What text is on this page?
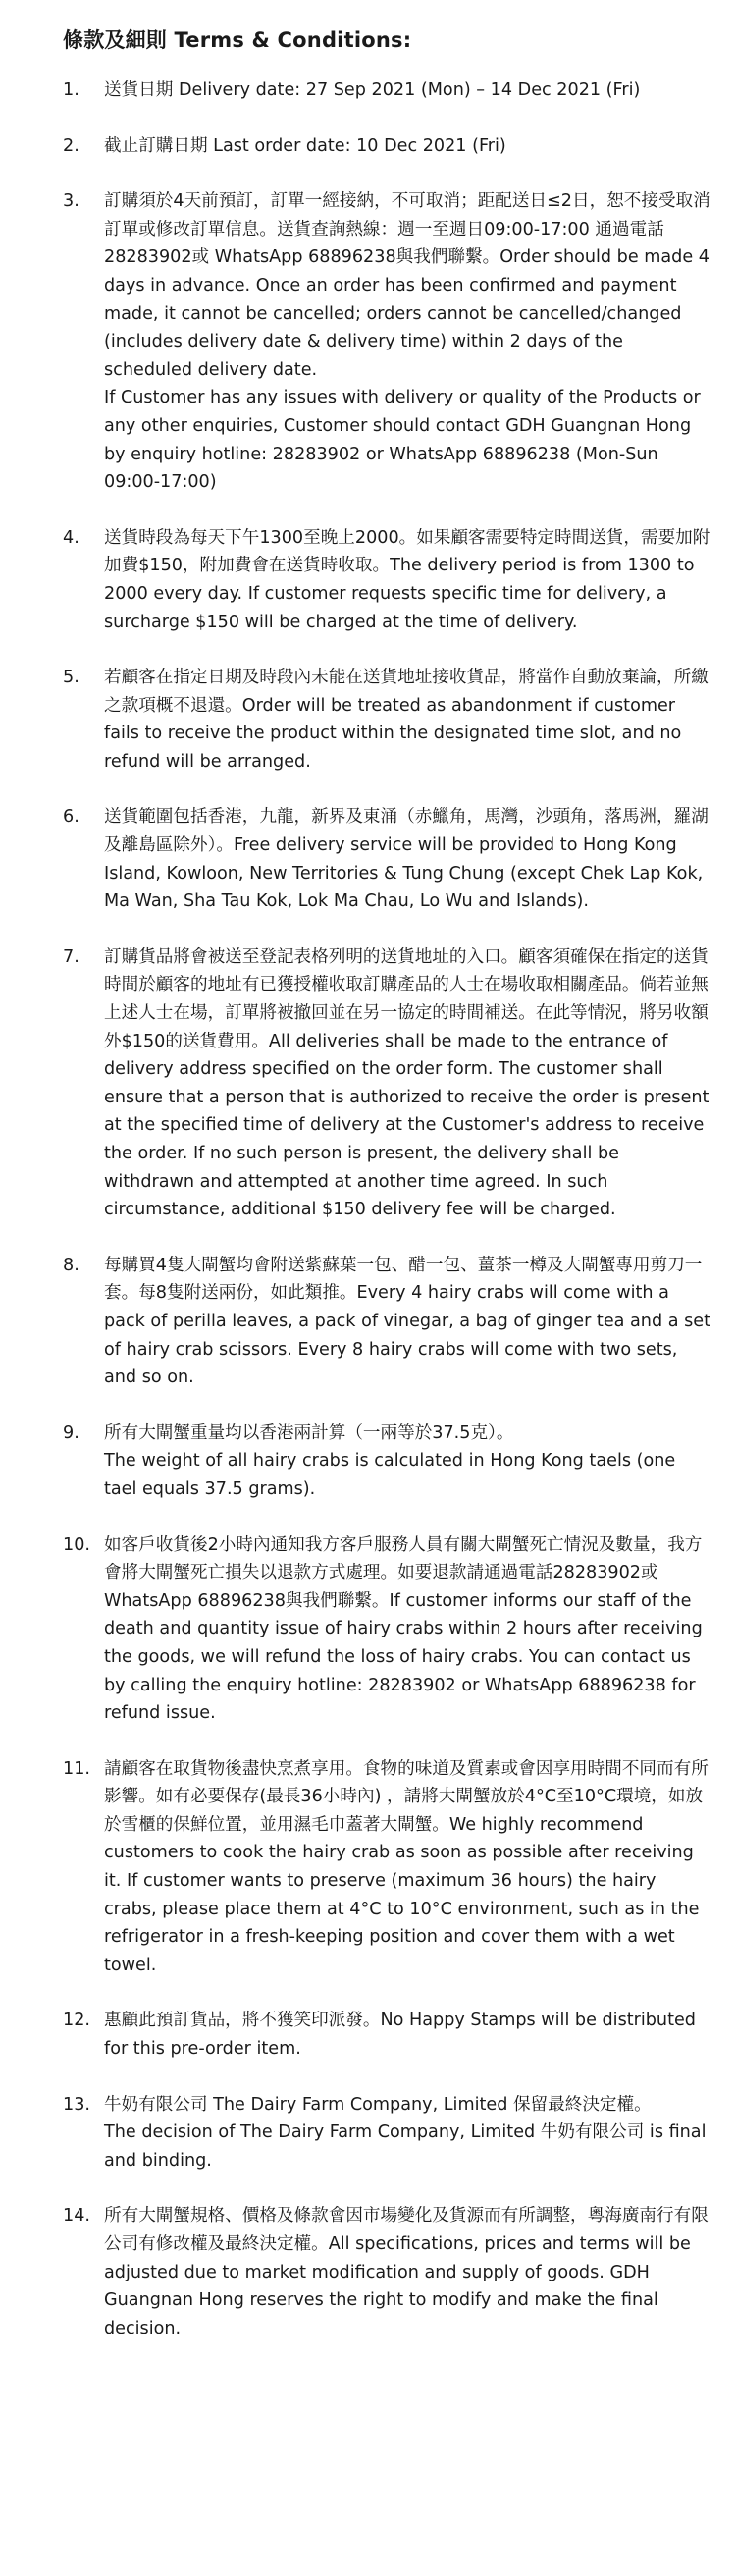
條款及細則 Terms & Conditions:
1.	送貨日期 Delivery date: 27 Sep 2021 (Mon) – 14 Dec 2021 (Fri)

2.	截止訂購日期 Last order date: 10 Dec 2021 (Fri)

3.	訂購須於4天前預訂，訂單一經接納，不可取消；距配送日≤2日，恕不接受取消訂單或修改訂單信息。送貨查詢熱線：週一至週日09:00-17:00 通過電話28283902或 WhatsApp 68896238與我們聯繫。Order should be made 4 days in advance. Once an order has been confirmed and payment made, it cannot be cancelled; orders cannot be cancelled/changed (includes delivery date & delivery time) within 2 days of the scheduled delivery date.

If Customer has any issues with delivery or quality of the Products or any other enquiries, Customer should contact GDH Guangnan Hong by enquiry hotline: 28283902 or WhatsApp 68896238 (Mon-Sun 09:00-17:00)

4.	送貨時段為每天下午1300至晚上2000。如果顧客需要特定時間送貨，需要加附加費$150，附加費會在送貨時收取。The delivery period is from 1300 to 2000 every day. If customer requests specific time for delivery, a surcharge $150 will be charged at the time of delivery.

5.	若顧客在指定日期及時段內未能在送貨地址接收貨品，將當作自動放棄論，所繳之款項概不退還。Order will be treated as abandonment if customer fails to receive the product within the designated time slot, and no refund will be arranged.

6.	送貨範圍包括香港，九龍，新界及東涌（赤鱲角，馬灣，沙頭角，落馬洲，羅湖及離島區除外）。Free delivery service will be provided to Hong Kong Island, Kowloon, New Territories & Tung Chung (except Chek Lap Kok, Ma Wan, Sha Tau Kok, Lok Ma Chau, Lo Wu and Islands).

7.	訂購貨品將會被送至登記表格列明的送貨地址的入口。顧客須確保在指定的送貨時間於顧客的地址有已獲授權收取訂購產品的人士在場收取相關產品。倘若並無上述人士在場，訂單將被撤回並在另一協定的時間補送。在此等情況，將另收額外$150的送貨費用。All deliveries shall be made to the entrance of delivery address specified on the order form. The customer shall ensure that a person that is authorized to receive the order is present at the specified time of delivery at the Customer's address to receive the order. If no such person is present, the delivery shall be withdrawn and attempted at another time agreed. In such circumstance, additional $150 delivery fee will be charged.

8.	每購買4隻大閘蟹均會附送紫蘇葉一包、醋一包、薑茶一樽及大閘蟹專用剪刀一套。每8隻附送兩份，如此類推。Every 4 hairy crabs will come with a pack of perilla leaves, a pack of vinegar, a bag of ginger tea and a set of hairy crab scissors. Every 8 hairy crabs will come with two sets, and so on.

9.	所有大閘蟹重量均以香港兩計算（一兩等於37.5克）。

The weight of all hairy crabs is calculated in Hong Kong taels (one tael equals 37.5 grams).

10. 如客戶收貨後2小時內通知我方客戶服務人員有關大閘蟹死亡情況及數量，我方會將大閘蟹死亡損失以退款方式處理。如要退款請通過電話28283902或 WhatsApp 68896238與我們聯繫。If customer informs our staff of the death and quantity issue of hairy crabs within 2 hours after receiving the goods, we will refund the loss of hairy crabs. You can contact us by calling the enquiry hotline: 28283902 or WhatsApp 68896238 for refund issue.

11. 請顧客在取貨物後盡快烹煮享用。食物的味道及質素或會因享用時間不同而有所影響。如有必要保存(最長36小時內) ，請將大閘蟹放於4°C至10°C環境，如放於雪櫃的保鮮位置，並用濕毛巾蓋著大閘蟹。We highly recommend customers to cook the hairy crab as soon as possible after receiving it. If customer wants to preserve (maximum 36 hours) the hairy crabs, please place them at 4°C to 10°C environment, such as in the refrigerator in a fresh-keeping position and cover them with a wet towel.

12. 惠顧此預訂貨品，將不獲笑印派發。No Happy Stamps will be distributed for this pre-order item.

13. 牛奶有限公司 The Dairy Farm Company, Limited 保留最終決定權。

The decision of The Dairy Farm Company, Limited 牛奶有限公司 is final and binding.

14. 所有大閘蟹規格、價格及條款會因市場變化及貨源而有所調整，粵海廣南行有限公司有修改權及最終決定權。All specifications, prices and terms will be adjusted due to market modification and supply of goods. GDH Guangnan Hong reserves the right to modify and make the final decision.
